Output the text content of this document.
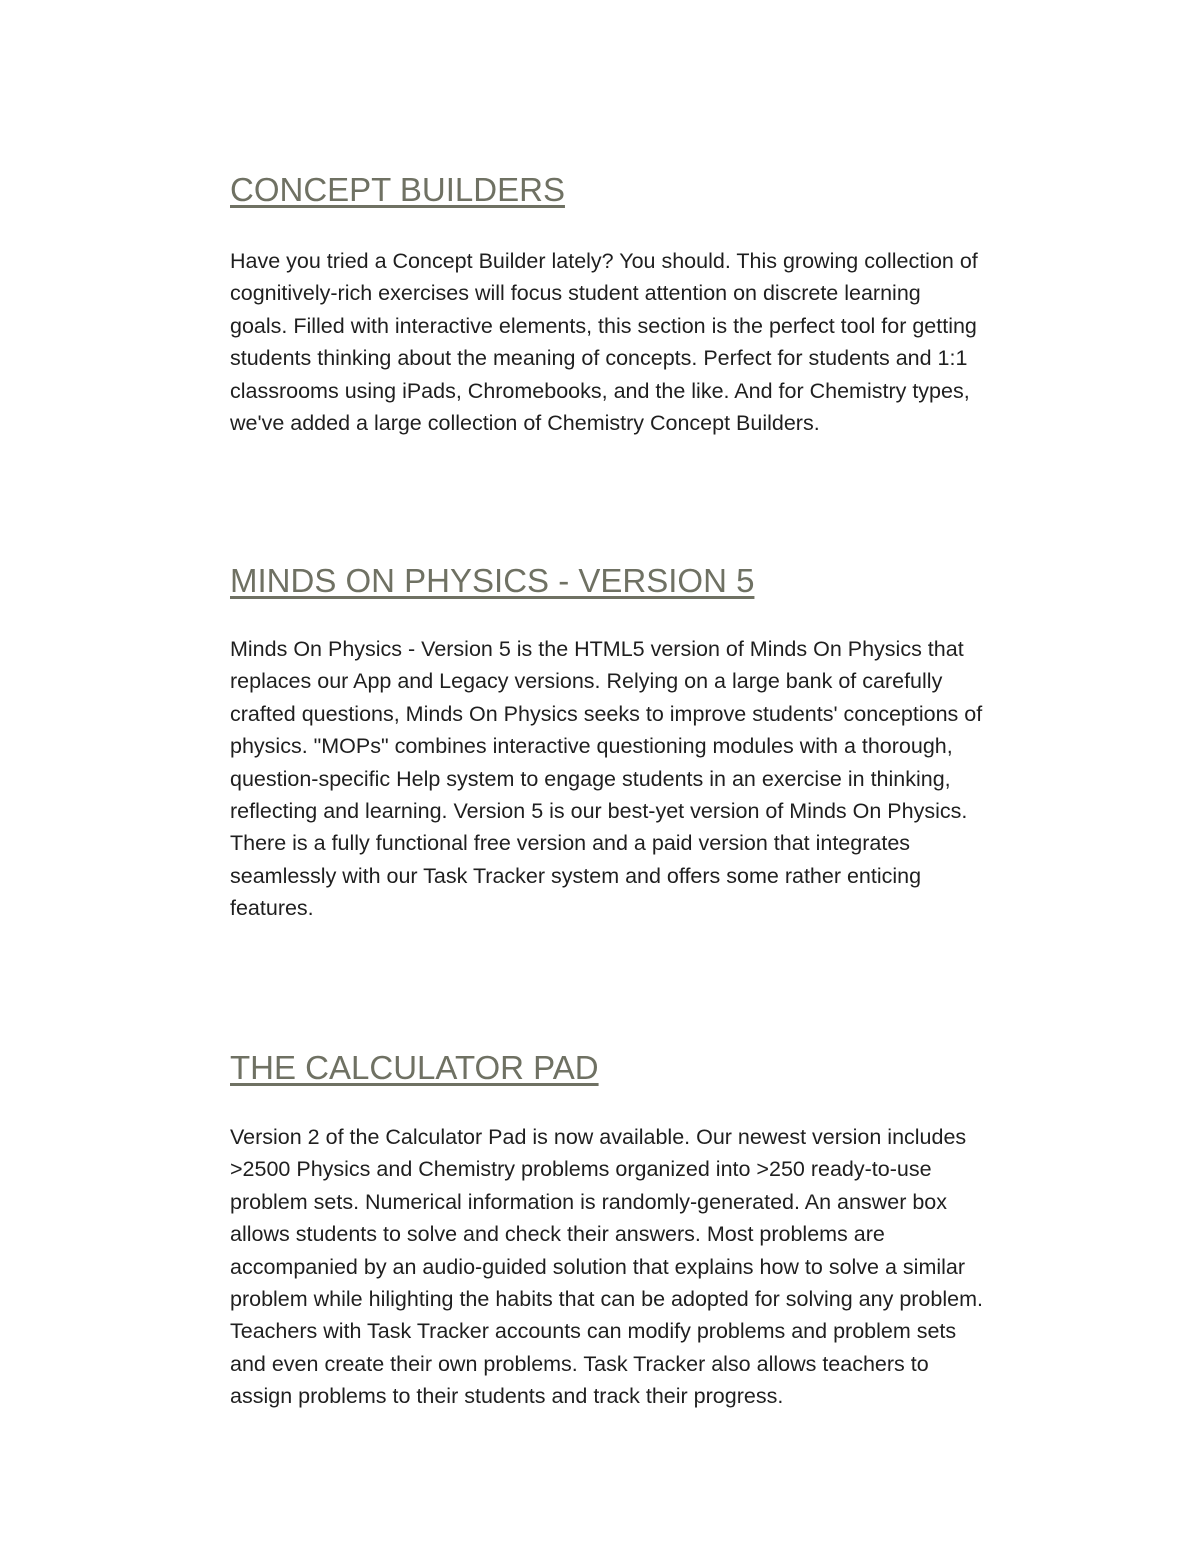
CONCEPT BUILDERS

Have you tried a Concept Builder lately? You should. This growing collection of
cognitively-rich exercises will focus student attention on discrete learning
goals. Filled with interactive elements, this section is the perfect tool for getting
students thinking about the meaning of concepts. Perfect for students and 1:1
classrooms using iPads, Chromebooks, and the like. And for Chemistry types,
we've added a large collection of Chemistry Concept Builders.

MINDS ON PHYSICS - VERSION 5

Minds On Physics - Version 5 is the HTML5 version of Minds On Physics that
replaces our App and Legacy versions. Relying on a large bank of carefully
crafted questions, Minds On Physics seeks to improve students' conceptions of
physics. "MOPs" combines interactive questioning modules with a thorough,
question-specific Help system to engage students in an exercise in thinking,
reflecting and learning. Version 5 is our best-yet version of Minds On Physics.
There is a fully functional free version and a paid version that integrates
seamlessly with our Task Tracker system and offers some rather enticing
features.

THE CALCULATOR PAD

Version 2 of the Calculator Pad is now available. Our newest version includes
>2500 Physics and Chemistry problems organized into >250 ready-to-use
problem sets. Numerical information is randomly-generated. An answer box
allows students to solve and check their answers. Most problems are
accompanied by an audio-guided solution that explains how to solve a similar
problem while hilighting the habits that can be adopted for solving any problem.
Teachers with Task Tracker accounts can modify problems and problem sets
and even create their own problems. Task Tracker also allows teachers to
assign problems to their students and track their progress.
